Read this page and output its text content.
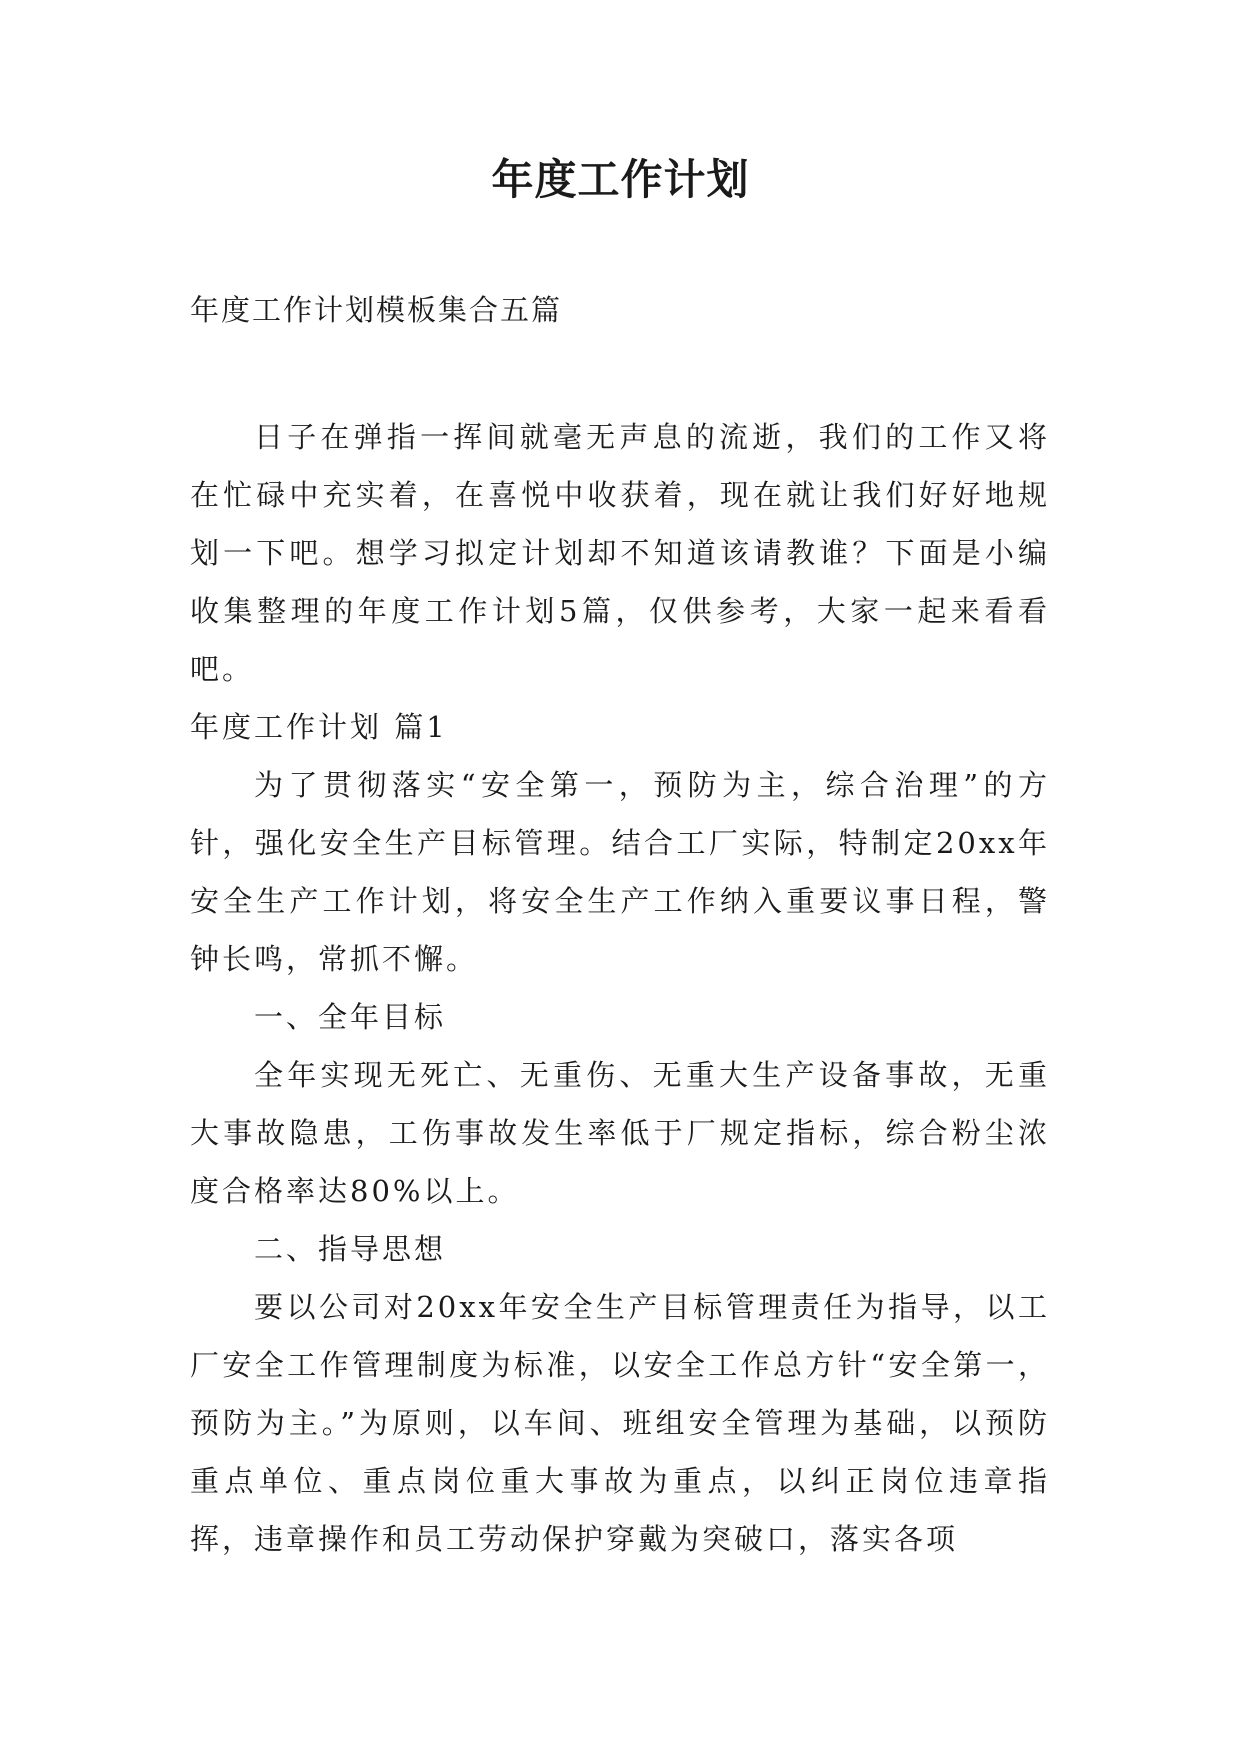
年度工作计划
年度工作计划模板集合五篇

日子在弹指一挥间就毫无声息的流逝，我们的工作又将在忙碌中充实着，在喜悦中收获着，现在就让我们好好地规划一下吧。想学习拟定计划却不知道该请教谁？下面是小编收集整理的年度工作计划5篇，仅供参考，大家一起来看看吧。

年度工作计划 篇1

为了贯彻落实“安全第一，预防为主，综合治理”的方针，强化安全生产目标管理。结合工厂实际，特制定20xx年安全生产工作计划，将安全生产工作纳入重要议事日程，警钟长鸣，常抓不懈。

一、全年目标

全年实现无死亡、无重伤、无重大生产设备事故，无重大事故隐患，工伤事故发生率低于厂规定指标，综合粉尘浓度合格率达80%以上。

二、指导思想

要以公司对20xx年安全生产目标管理责任为指导，以工厂安全工作管理制度为标准，以安全工作总方针“安全第一，预防为主。”为原则，以车间、班组安全管理为基础，以预防重点单位、重点岗位重大事故为重点，以纠正岗位违章指挥，违章操作和员工劳动保护穿戴为突破口，落实各项
